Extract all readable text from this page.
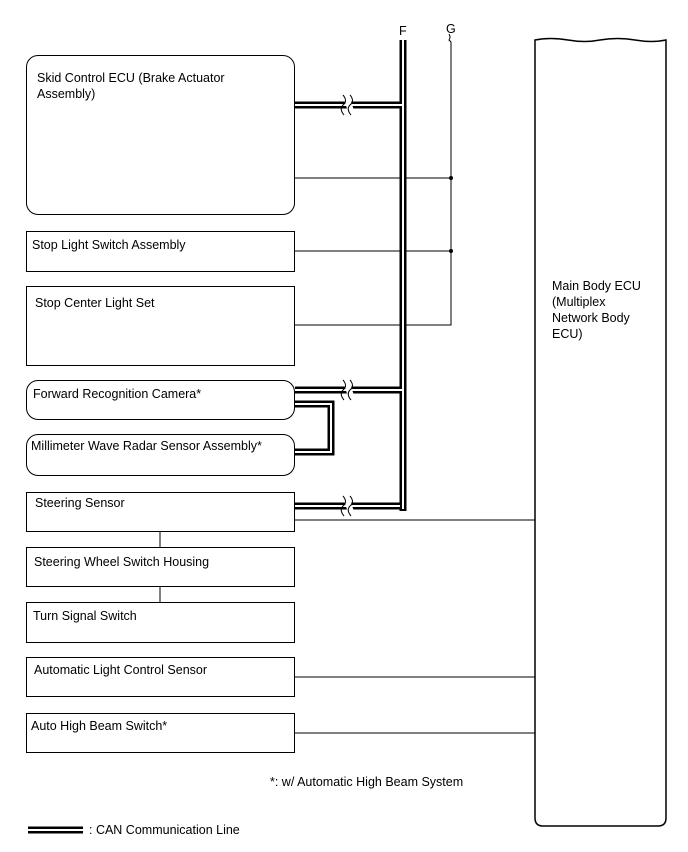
F	G
Skid Control ECU (Brake Actuator
Assembly)
Stop Light Switch Assembly
Stop Center Light Set
Forward Recognition Camera*
Millimeter Wave Radar Sensor Assembly*
Steering Sensor
Steering Wheel Switch Housing
Turn Signal Switch
Automatic Light Control Sensor
Auto High Beam Switch*
Main Body ECU
(Multiplex
Network Body
ECU)
*: w/ Automatic High Beam System
: CAN Communication Line
